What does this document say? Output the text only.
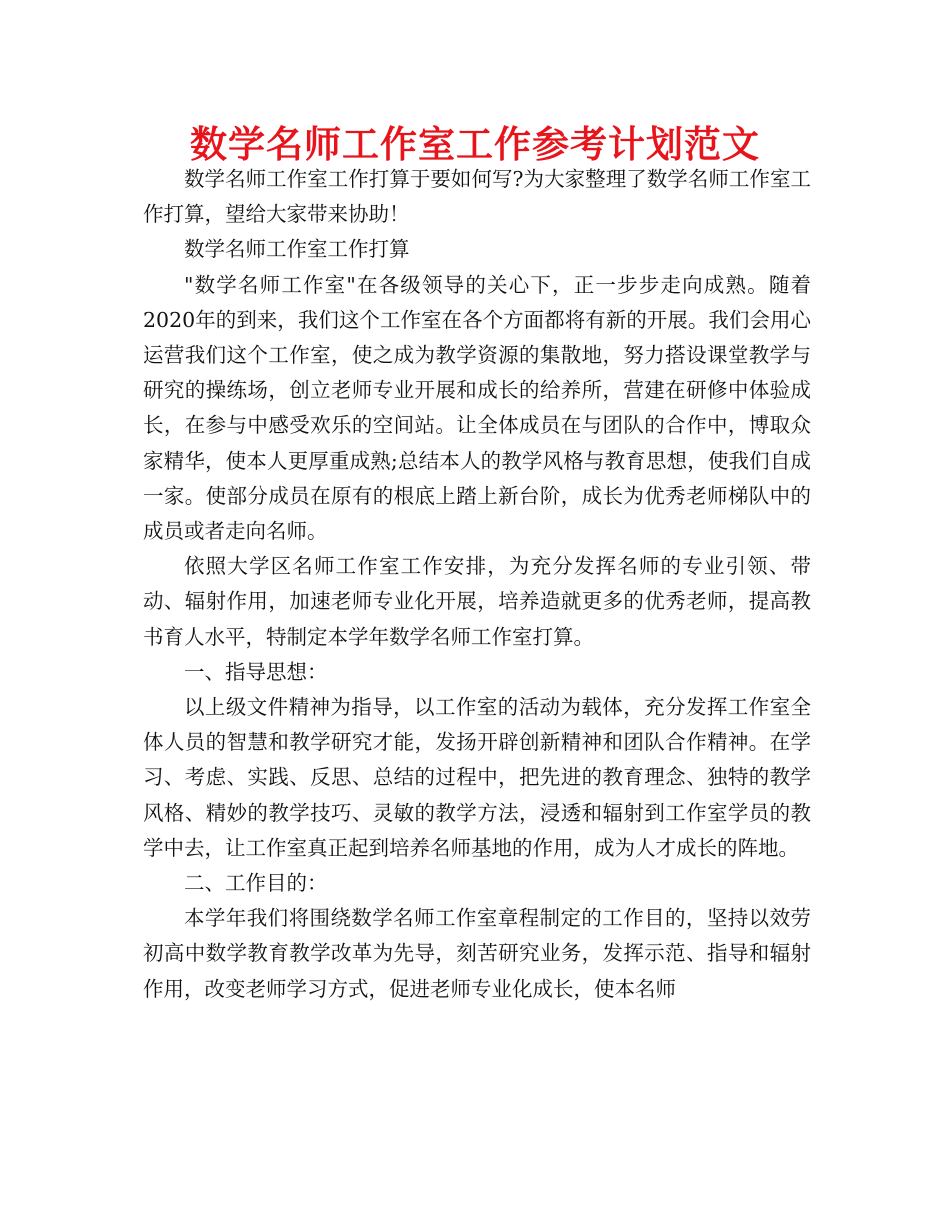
数学名师工作室工作参考计划范文

数学名师工作室工作打算于要如何写?为大家整理了数学名师工作室工作打算，望给大家带来协助！

数学名师工作室工作打算

"数学名师工作室"在各级领导的关心下，正一步步走向成熟。随着2020年的到来，我们这个工作室在各个方面都将有新的开展。我们会用心运营我们这个工作室，使之成为教学资源的集散地，努力搭设课堂教学与研究的操练场，创立老师专业开展和成长的给养所，营建在研修中体验成长，在参与中感受欢乐的空间站。让全体成员在与团队的合作中，博取众家精华，使本人更厚重成熟;总结本人的教学风格与教育思想，使我们自成一家。使部分成员在原有的根底上踏上新台阶，成长为优秀老师梯队中的成员或者走向名师。

依照大学区名师工作室工作安排，为充分发挥名师的专业引领、带动、辐射作用，加速老师专业化开展，培养造就更多的优秀老师，提高教书育人水平，特制定本学年数学名师工作室打算。

一、指导思想：

以上级文件精神为指导，以工作室的活动为载体，充分发挥工作室全体人员的智慧和教学研究才能，发扬开辟创新精神和团队合作精神。在学习、考虑、实践、反思、总结的过程中，把先进的教育理念、独特的教学风格、精妙的教学技巧、灵敏的教学方法，浸透和辐射到工作室学员的教学中去，让工作室真正起到培养名师基地的作用，成为人才成长的阵地。

二、工作目的：

本学年我们将围绕数学名师工作室章程制定的工作目的，坚持以效劳初高中数学教育教学改革为先导，刻苦研究业务，发挥示范、指导和辐射作用，改变老师学习方式，促进老师专业化成长，使本名师
